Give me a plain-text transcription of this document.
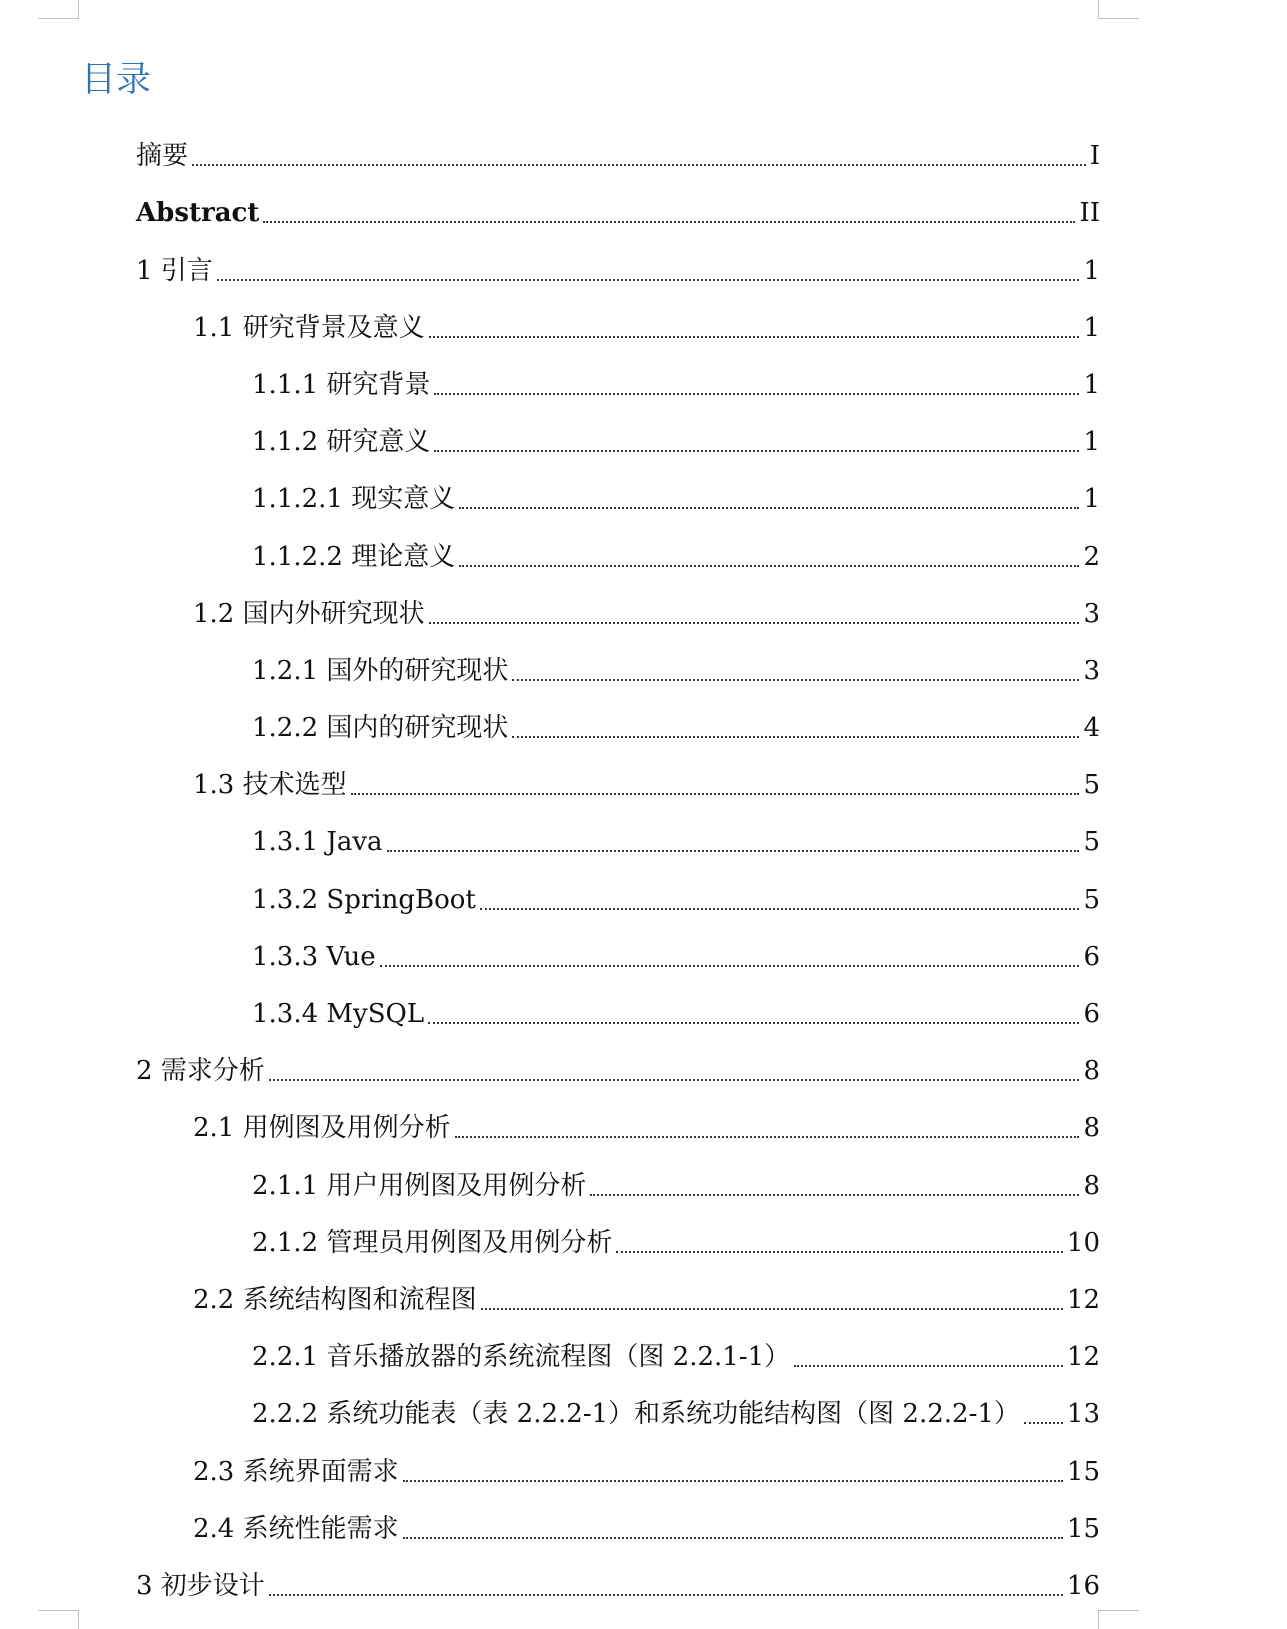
目录
摘要	I
Abstract	II
1 引言	1
1.1 研究背景及意义	1
1.1.1 研究背景	1
1.1.2 研究意义	1
1.1.2.1 现实意义	1
1.1.2.2 理论意义	2
1.2 国内外研究现状	3
1.2.1 国外的研究现状	3
1.2.2 国内的研究现状	4
1.3 技术选型	5
1.3.1 Java	5
1.3.2 SpringBoot	5
1.3.3 Vue	6
1.3.4 MySQL	6
2 需求分析	8
2.1 用例图及用例分析	8
2.1.1 用户用例图及用例分析	8
2.1.2 管理员用例图及用例分析	10
2.2 系统结构图和流程图	12
2.2.1 音乐播放器的系统流程图（图 2.2.1-1）	12
2.2.2 系统功能表（表 2.2.2-1）和系统功能结构图（图 2.2.2-1） 13
2.3 系统界面需求	15
2.4 系统性能需求	15
3 初步设计	16
